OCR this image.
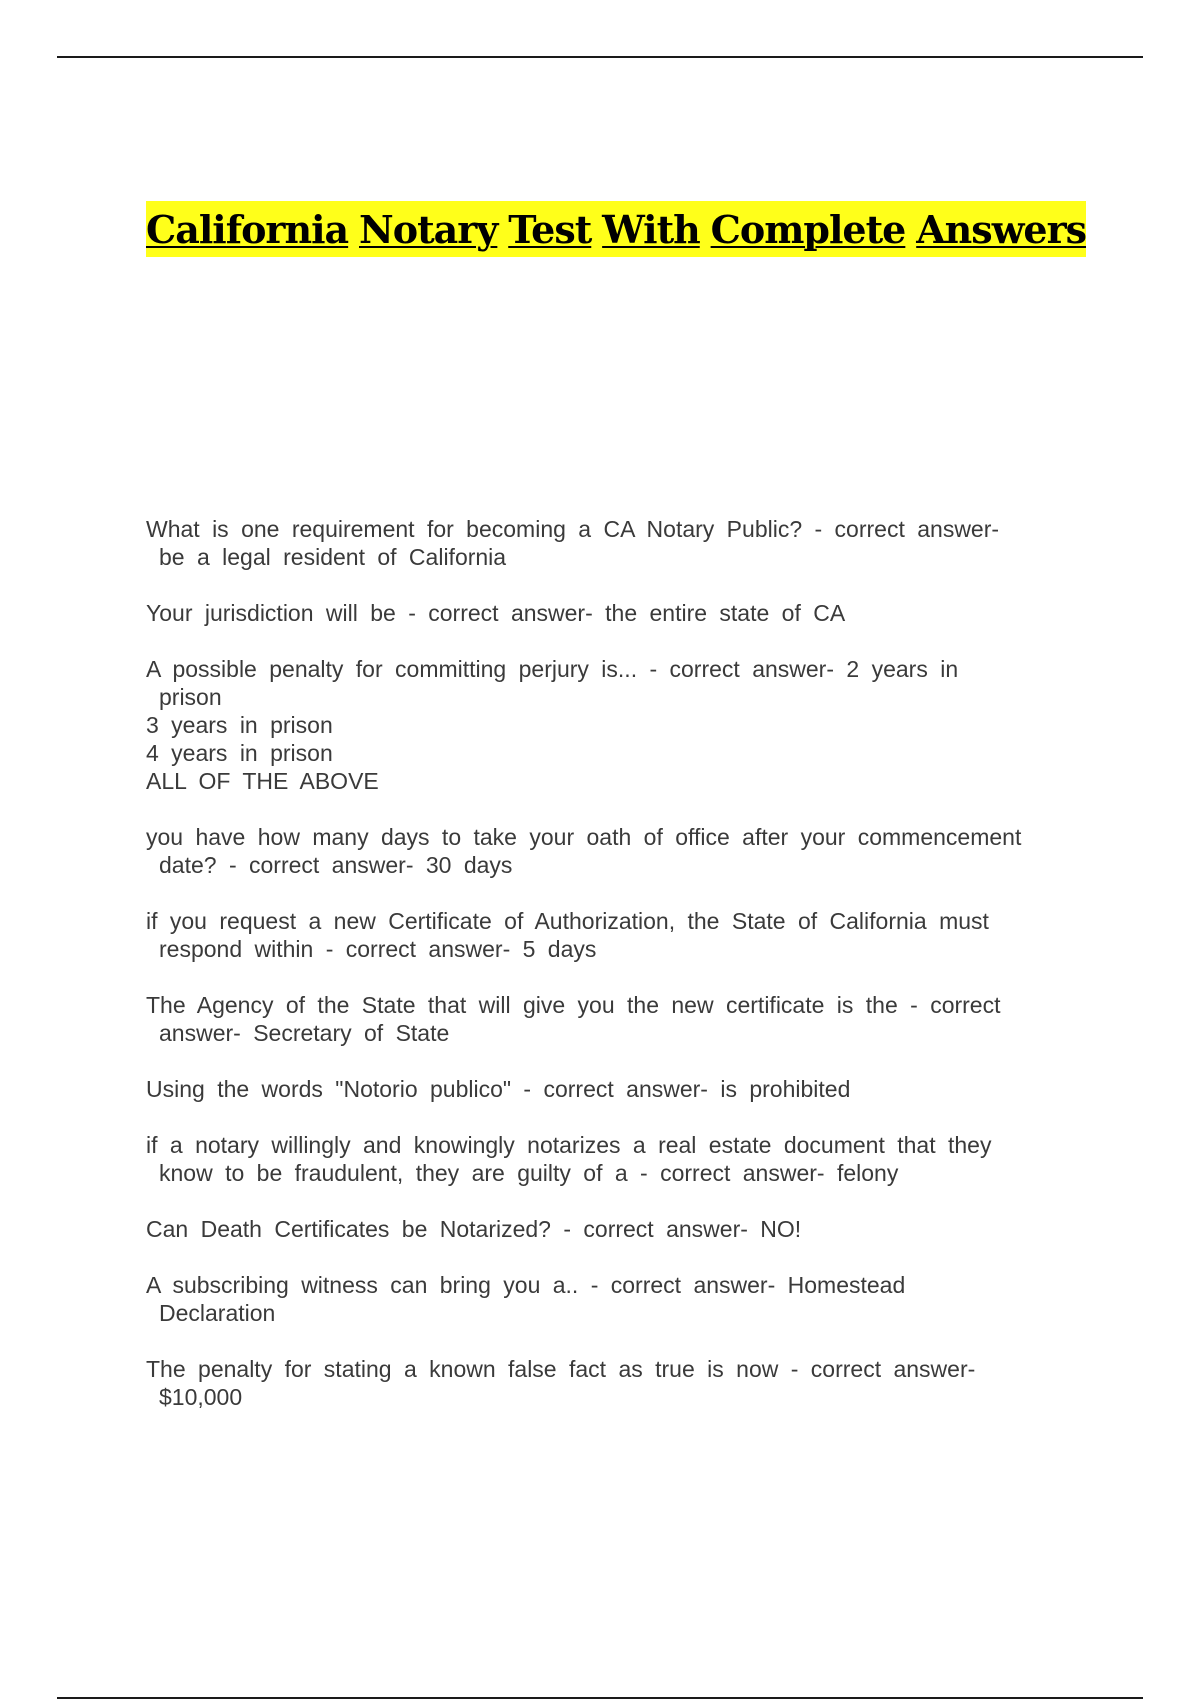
California Notary Test With Complete Answers
What is one requirement for becoming a CA Notary Public? - correct answer-
be a legal resident of California
Your jurisdiction will be - correct answer- the entire state of CA
A possible penalty for committing perjury is... - correct answer- 2 years in
prison
3 years in prison
4 years in prison
ALL OF THE ABOVE
you have how many days to take your oath of office after your commencement
date? - correct answer- 30 days
if you request a new Certificate of Authorization, the State of California must
respond within - correct answer- 5 days
The Agency of the State that will give you the new certificate is the - correct
answer- Secretary of State
Using the words "Notorio publico" - correct answer- is prohibited
if a notary willingly and knowingly notarizes a real estate document that they
know to be fraudulent, they are guilty of a - correct answer- felony
Can Death Certificates be Notarized? - correct answer- NO!
A subscribing witness can bring you a.. - correct answer- Homestead
Declaration
The penalty for stating a known false fact as true is now - correct answer-
$10,000
